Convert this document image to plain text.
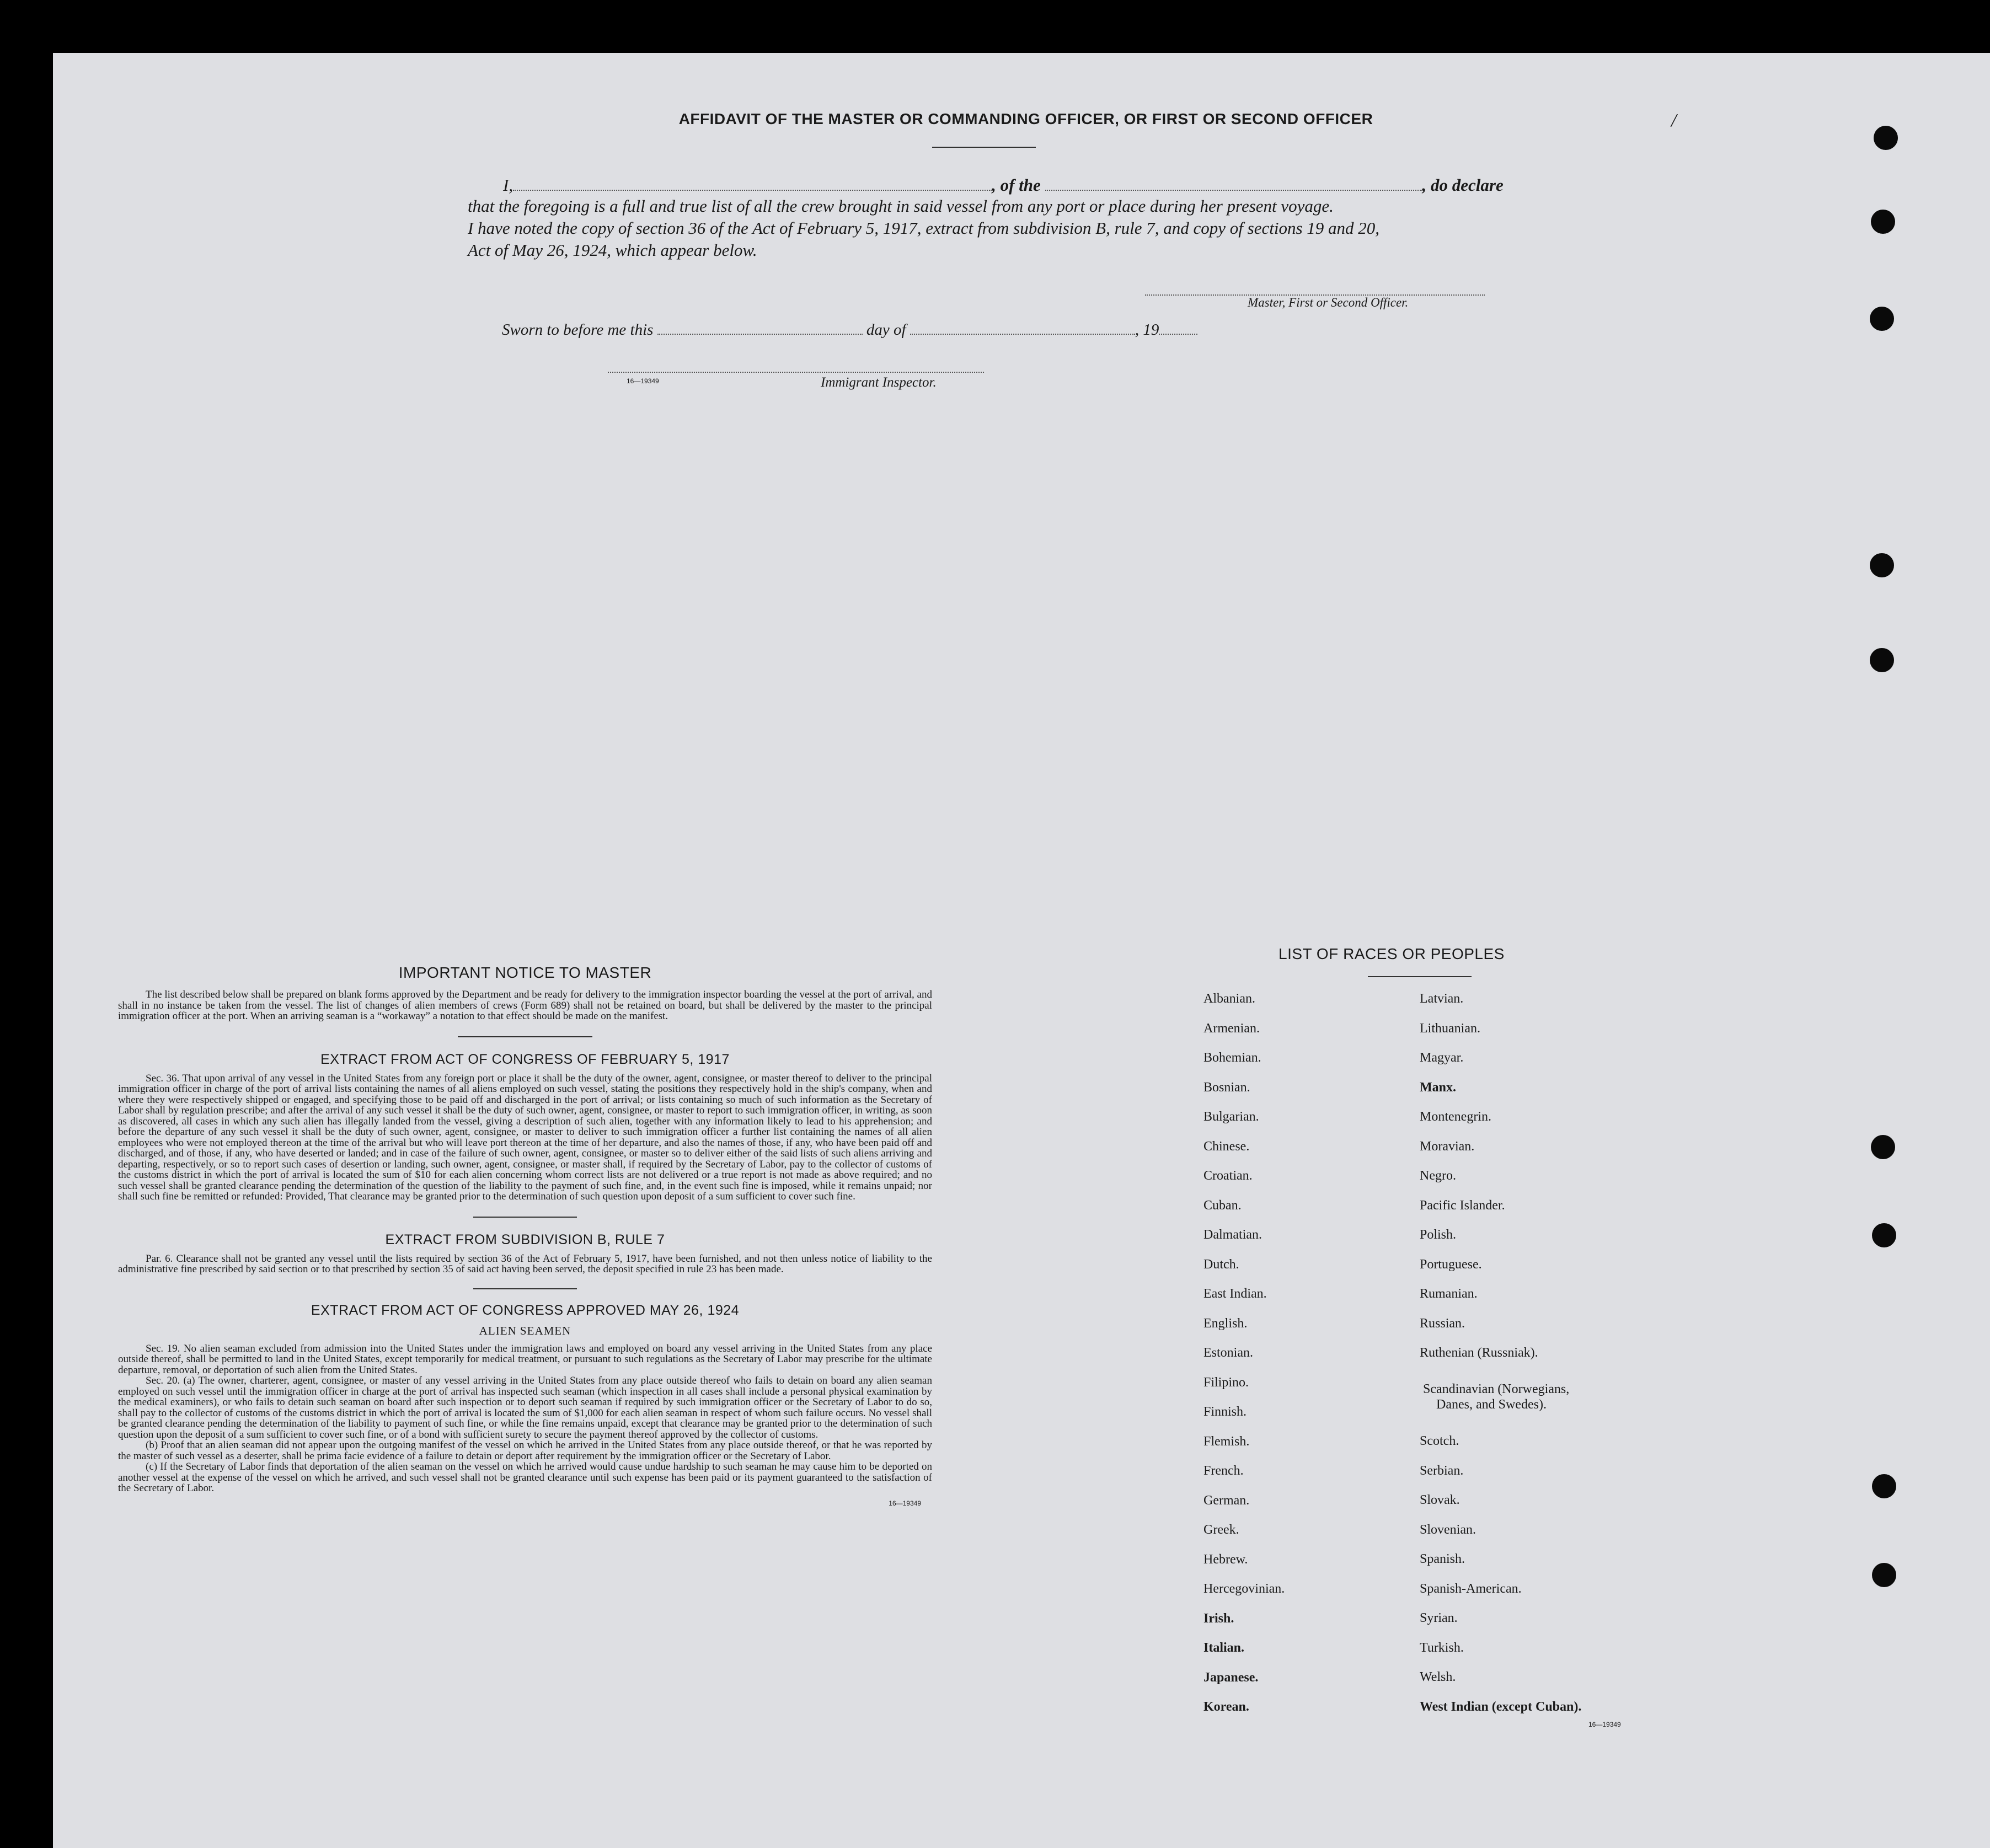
AFFIDAVIT OF THE MASTER OR COMMANDING OFFICER, OR FIRST OR SECOND OFFICER	/
I,	, of the	, do declare
that the foregoing is a full and true list of all the crew brought in said vessel from any port or place during her present voyage.
I have noted the copy of section 36 of the Act of February 5, 1917, extract from subdivision B, rule 7, and copy of sections 19 and 20,
Act of May 26, 1924, which appear below.
Master, First or Second Officer.
Sworn to before me this	day of	, 19
16—19349	Immigrant Inspector.
IMPORTANT NOTICE TO MASTER

The list described below shall be prepared on blank forms approved by the Department and be ready for delivery to the immigration inspector boarding the vessel at the port of arrival, and shall in no instance be taken from the vessel. The list of changes of alien members of crews (Form 689) shall not be retained on board, but shall be delivered by the master to the principal immigration officer at the port. When an arriving seaman is a “workaway” a notation to that effect should be made on the manifest.

EXTRACT FROM ACT OF CONGRESS OF FEBRUARY 5, 1917

Sec. 36. That upon arrival of any vessel in the United States from any foreign port or place it shall be the duty of the owner, agent, consignee, or master thereof to deliver to the principal immigration officer in charge of the port of arrival lists containing the names of all aliens employed on such vessel, stating the positions they respectively hold in the ship's company, when and where they were respectively shipped or engaged, and specifying those to be paid off and discharged in the port of arrival; or lists containing so much of such information as the Secretary of Labor shall by regulation prescribe; and after the arrival of any such vessel it shall be the duty of such owner, agent, consignee, or master to report to such immigration officer, in writing, as soon as discovered, all cases in which any such alien has illegally landed from the vessel, giving a description of such alien, together with any information likely to lead to his apprehension; and before the departure of any such vessel it shall be the duty of such owner, agent, consignee, or master to deliver to such immigration officer a further list containing the names of all alien employees who were not employed thereon at the time of the arrival but who will leave port thereon at the time of her departure, and also the names of those, if any, who have been paid off and discharged, and of those, if any, who have deserted or landed; and in case of the failure of such owner, agent, consignee, or master so to deliver either of the said lists of such aliens arriving and departing, respectively, or so to report such cases of desertion or landing, such owner, agent, consignee, or master shall, if required by the Secretary of Labor, pay to the collector of customs of the customs district in which the port of arrival is located the sum of $10 for each alien concerning whom correct lists are not delivered or a true report is not made as above required; and no such vessel shall be granted clearance pending the determination of the question of the liability to the payment of such fine, and, in the event such fine is imposed, while it remains unpaid; nor shall such fine be remitted or refunded: Provided, That clearance may be granted prior to the determination of such question upon deposit of a sum sufficient to cover such fine.

EXTRACT FROM SUBDIVISION B, RULE 7

Par. 6. Clearance shall not be granted any vessel until the lists required by section 36 of the Act of February 5, 1917, have been furnished, and not then unless notice of liability to the administrative fine prescribed by said section or to that prescribed by section 35 of said act having been served, the deposit specified in rule 23 has been made.

EXTRACT FROM ACT OF CONGRESS APPROVED MAY 26, 1924
ALIEN SEAMEN

Sec. 19. No alien seaman excluded from admission into the United States under the immigration laws and employed on board any vessel arriving in the United States from any place outside thereof, shall be permitted to land in the United States, except temporarily for medical treatment, or pursuant to such regulations as the Secretary of Labor may prescribe for the ultimate departure, removal, or deportation of such alien from the United States.

Sec. 20. (a) The owner, charterer, agent, consignee, or master of any vessel arriving in the United States from any place outside thereof who fails to detain on board any alien seaman employed on such vessel until the immigration officer in charge at the port of arrival has inspected such seaman (which inspection in all cases shall include a personal physical examination by the medical examiners), or who fails to detain such seaman on board after such inspection or to deport such seaman if required by such immigration officer or the Secretary of Labor to do so, shall pay to the collector of customs of the customs district in which the port of arrival is located the sum of $1,000 for each alien seaman in respect of whom such failure occurs. No vessel shall be granted clearance pending the determination of the liability to payment of such fine, or while the fine remains unpaid, except that clearance may be granted prior to the determination of such question upon the deposit of a sum sufficient to cover such fine, or of a bond with sufficient surety to secure the payment thereof approved by the collector of customs.

(b) Proof that an alien seaman did not appear upon the outgoing manifest of the vessel on which he arrived in the United States from any place outside thereof, or that he was reported by the master of such vessel as a deserter, shall be prima facie evidence of a failure to detain or deport after requirement by the immigration officer or the Secretary of Labor.

(c) If the Secretary of Labor finds that deportation of the alien seaman on the vessel on which he arrived would cause undue hardship to such seaman he may cause him to be deported on another vessel at the expense of the vessel on which he arrived, and such vessel shall not be granted clearance until such expense has been paid or its payment guaranteed to the satisfaction of the Secretary of Labor.

16—19349
LIST OF RACES OR PEOPLES
Albanian.
Armenian.
Bohemian.
Bosnian.
Bulgarian.
Chinese.
Croatian.
Cuban.
Dalmatian.
Dutch.
East Indian.
English.
Estonian.
Filipino.
Finnish.
Flemish.
French.
German.
Greek.
Hebrew.
Hercegovinian.
Irish.
Italian.
Japanese.
Korean.
Latvian.
Lithuanian.
Magyar.
Manx.
Montenegrin.
Moravian.
Negro.
Pacific Islander.
Polish.
Portuguese.
Rumanian.
Russian.
Ruthenian (Russniak).
Scandinavian (Norwegians,
Danes, and Swedes).
Scotch.
Serbian.
Slovak.
Slovenian.
Spanish.
Spanish-American.
Syrian.
Turkish.
Welsh.
West Indian (except Cuban).
16—19349
